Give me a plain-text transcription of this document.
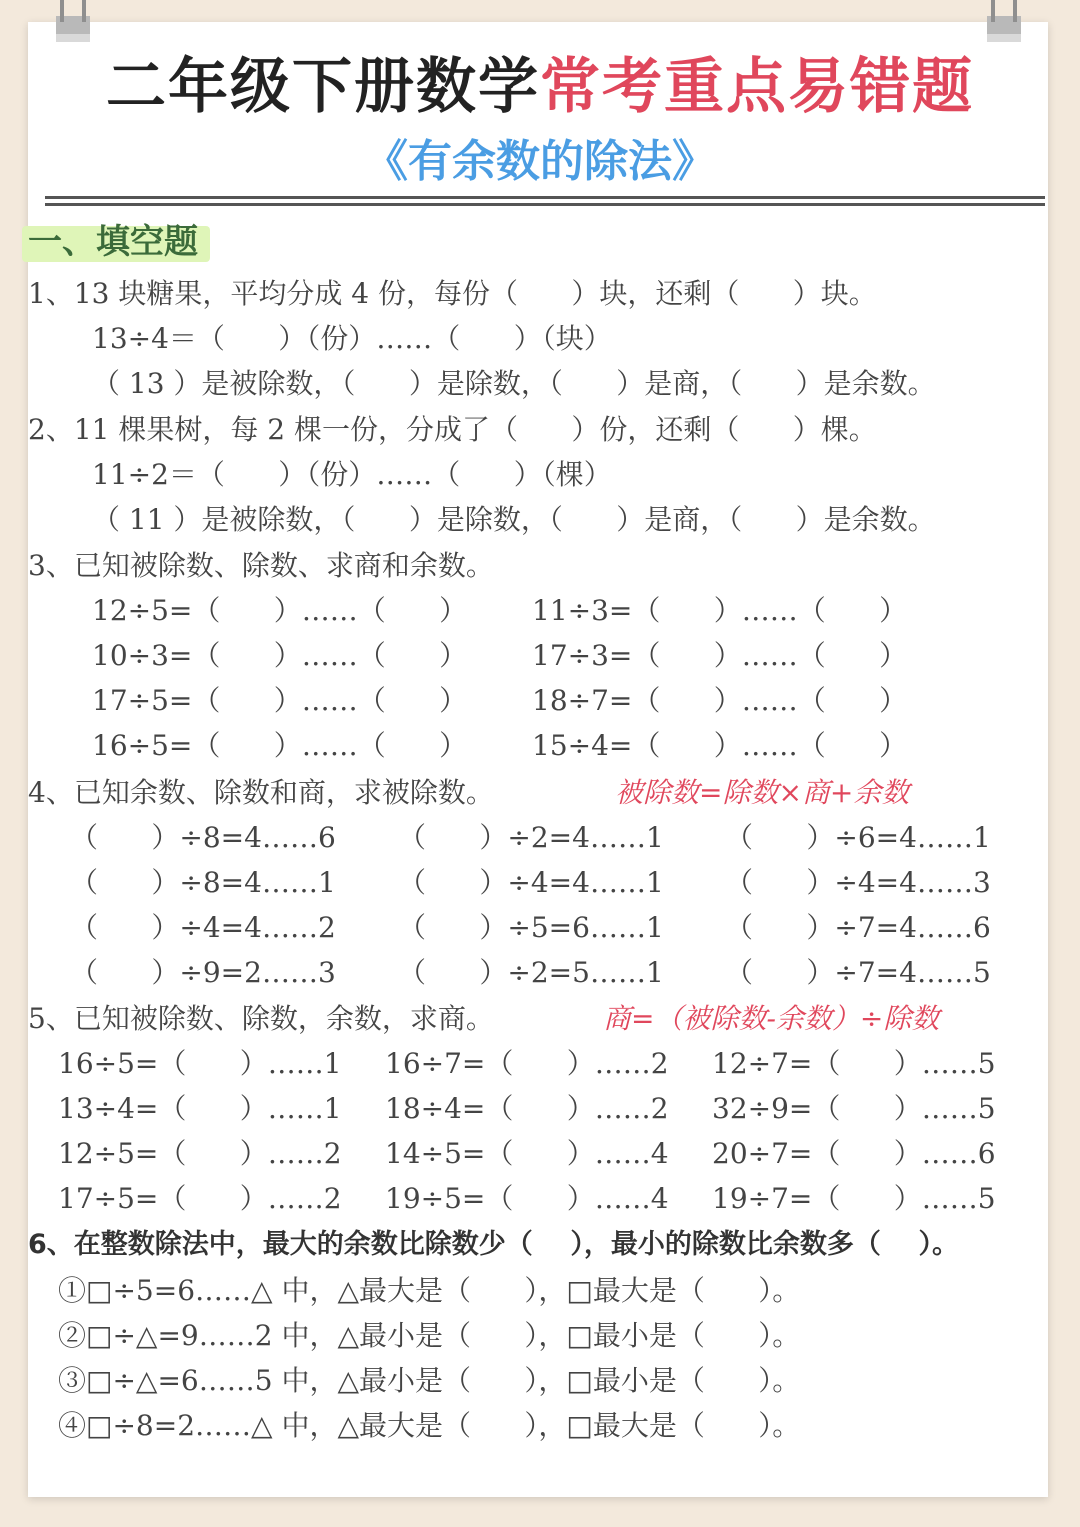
二年级下册数学常考重点易错题
《有余数的除法》
一、填空题
1、13 块糖果，平均分成 4 份，每份（      ）块，还剩（      ）块。
13÷4＝（      ）（份）……（      ）（块）
（ 13 ）是被除数，（      ）是除数，（      ）是商，（      ）是余数。
2、11 棵果树，每 2 棵一份，分成了（      ）份，还剩（      ）棵。
11÷2＝（      ）（份）……（      ）（棵）
（ 11 ）是被除数，（      ）是除数，（      ）是商，（      ）是余数。
3、已知被除数、除数、求商和余数。
12÷5=（      ）……（      ）
10÷3=（      ）……（      ）
17÷5=（      ）……（      ）
16÷5=（      ）……（      ）
11÷3=（      ）……（      ）
17÷3=（      ）……（      ）
18÷7=（      ）……（      ）
15÷4=（      ）……（      ）
4、已知余数、除数和商，求被除数。	被除数=除数×商+余数
（      ）÷8=4……6
（      ）÷8=4……1
（      ）÷4=4……2
（      ）÷9=2……3
（      ）÷2=4……1
（      ）÷4=4……1
（      ）÷5=6……1
（      ）÷2=5……1
（      ）÷6=4……1
（      ）÷4=4……3
（      ）÷7=4……6
（      ）÷7=4……5
5、已知被除数、除数，余数，求商。	商=（被除数-余数）÷除数
16÷5=（      ）……1
13÷4=（      ）……1
12÷5=（      ）……2
17÷5=（      ）……2
16÷7=（      ）……2
18÷4=（      ）……2
14÷5=（      ）……4
19÷5=（      ）……4
12÷7=（      ）……5
32÷9=（      ）……5
20÷7=（      ）……6
19÷7=（      ）……5
6、在整数除法中，最大的余数比除数少（    ），最小的除数比余数多（    ）。
①□÷5=6……△ 中，△最大是（      ），□最大是（      ）。
②□÷△=9……2 中，△最小是（      ），□最小是（      ）。
③□÷△=6……5 中，△最小是（      ），□最小是（      ）。
④□÷8=2……△ 中，△最大是（      ），□最大是（      ）。
